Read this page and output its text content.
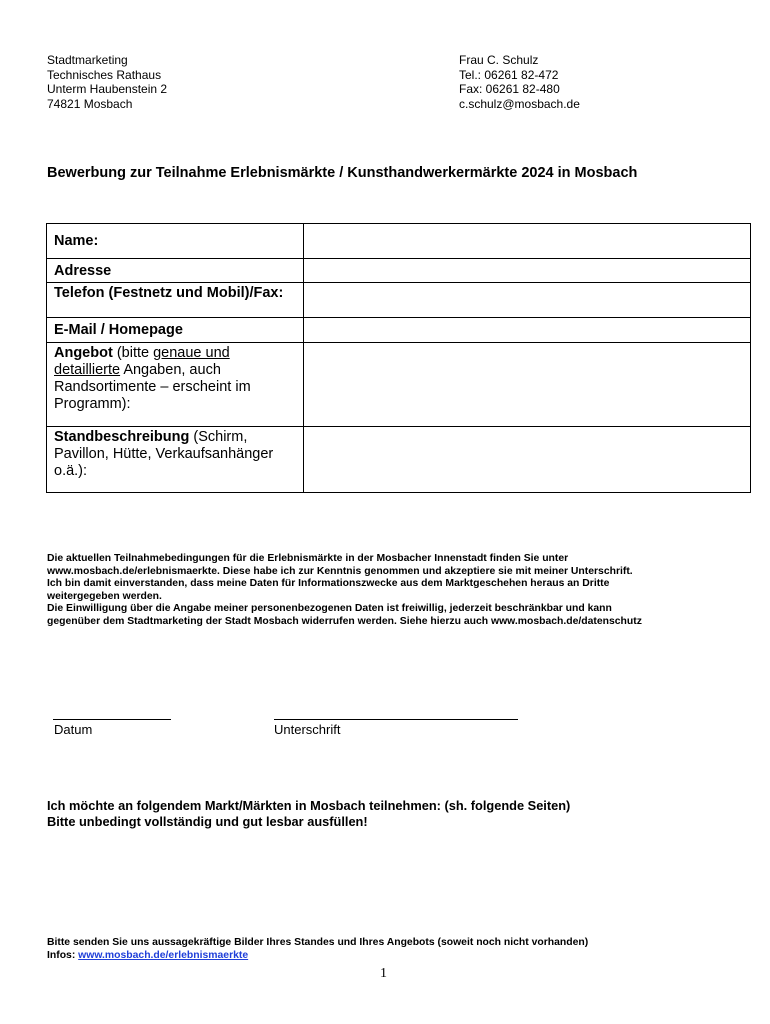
Stadtmarketing
Technisches Rathaus
Unterm Haubenstein 2
74821 Mosbach
Frau C. Schulz
Tel.: 06261 82-472
Fax: 06261 82-480
c.schulz@mosbach.de
Bewerbung zur Teilnahme Erlebnismärkte / Kunsthandwerkermärkte 2024 in Mosbach
Name:	

Adresse	

Telefon (Festnetz und Mobil)/Fax:	

E-Mail / Homepage	

Angebot (bitte genaue und detaillierte Angaben, auch Randsortimente – erscheint im Programm):	
Standbeschreibung (Schirm, Pavillon, Hütte, Verkaufsanhänger o.ä.):	
Die aktuellen Teilnahmebedingungen für die Erlebnismärkte in der Mosbacher Innenstadt finden Sie unter
www.mosbach.de/erlebnismaerkte. Diese habe ich zur Kenntnis genommen und akzeptiere sie mit meiner Unterschrift.
Ich bin damit einverstanden, dass meine Daten für Informationszwecke aus dem Marktgeschehen heraus an Dritte
weitergegeben werden.
Die Einwilligung über die Angabe meiner personenbezogenen Daten ist freiwillig, jederzeit beschränkbar und kann
gegenüber dem Stadtmarketing der Stadt Mosbach widerrufen werden. Siehe hierzu auch www.mosbach.de/datenschutz
Datum	Unterschrift
Ich möchte an folgendem Markt/Märkten in Mosbach teilnehmen: (sh. folgende Seiten)
Bitte unbedingt vollständig und gut lesbar ausfüllen!
Bitte senden Sie uns aussagekräftige Bilder Ihres Standes und Ihres Angebots (soweit noch nicht vorhanden)
Infos: www.mosbach.de/erlebnismaerkte
1
